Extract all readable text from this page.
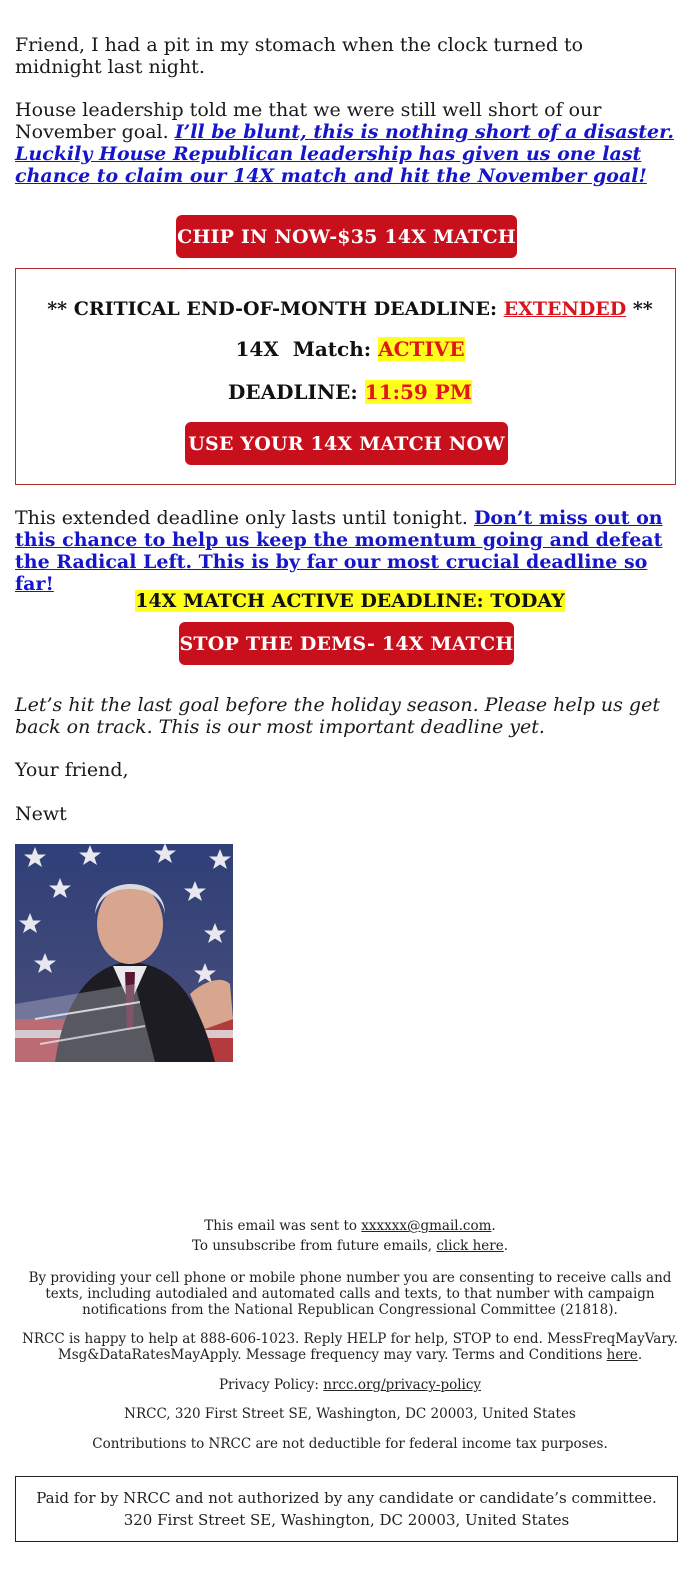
Friend, I had a pit in my stomach when the clock turned to midnight last night.

House leadership told me that we were still well short of our November goal. I’ll be blunt, this is nothing short of a disaster. Luckily House Republican leadership has given us one last chance to claim our 14X match and hit the November goal!

CHIP IN NOW-$35 14X MATCH
** CRITICAL END-OF-MONTH DEADLINE: EXTENDED **
14X  Match: ACTIVE
DEADLINE: 11:59 PM
USE YOUR 14X MATCH NOW

This extended deadline only lasts until tonight. Don’t miss out on this chance to help us keep the momentum going and defeat the Radical Left. This is by far our most crucial deadline so far!

14X MATCH ACTIVE DEADLINE: TODAY
STOP THE DEMS- 14X MATCH

Let’s hit the last goal before the holiday season. Please help us get back on track. This is our most important deadline yet.

Your friend,

Newt

This email was sent to xxxxxx@gmail.com.
To unsubscribe from future emails, click here.
By providing your cell phone or mobile phone number you are consenting to receive calls and texts, including autodialed and automated calls and texts, to that number with campaign notifications from the National Republican Congressional Committee (21818).
NRCC is happy to help at 888-606-1023. Reply HELP for help, STOP to end. MessFreqMayVary. Msg&DataRatesMayApply. Message frequency may vary. Terms and Conditions here.
Privacy Policy: nrcc.org/privacy-policy
NRCC, 320 First Street SE, Washington, DC 20003, United States
Contributions to NRCC are not deductible for federal income tax purposes.
Paid for by NRCC and not authorized by any candidate or candidate’s committee. 320 First Street SE, Washington, DC 20003, United States
